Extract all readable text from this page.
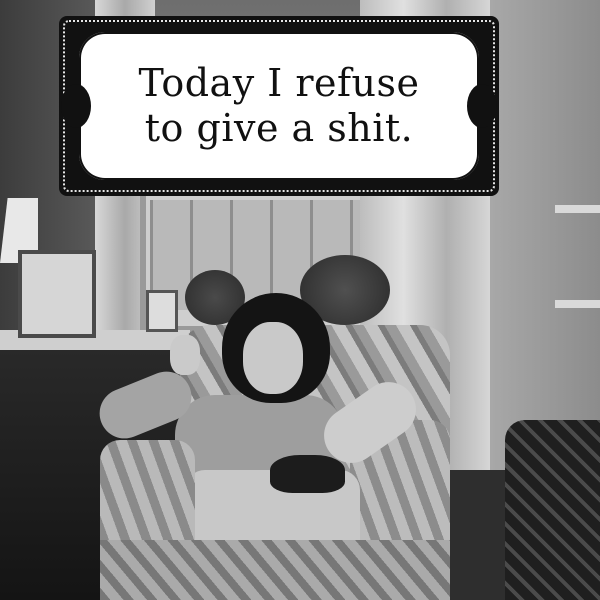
Today I refuse
to give a shit.
